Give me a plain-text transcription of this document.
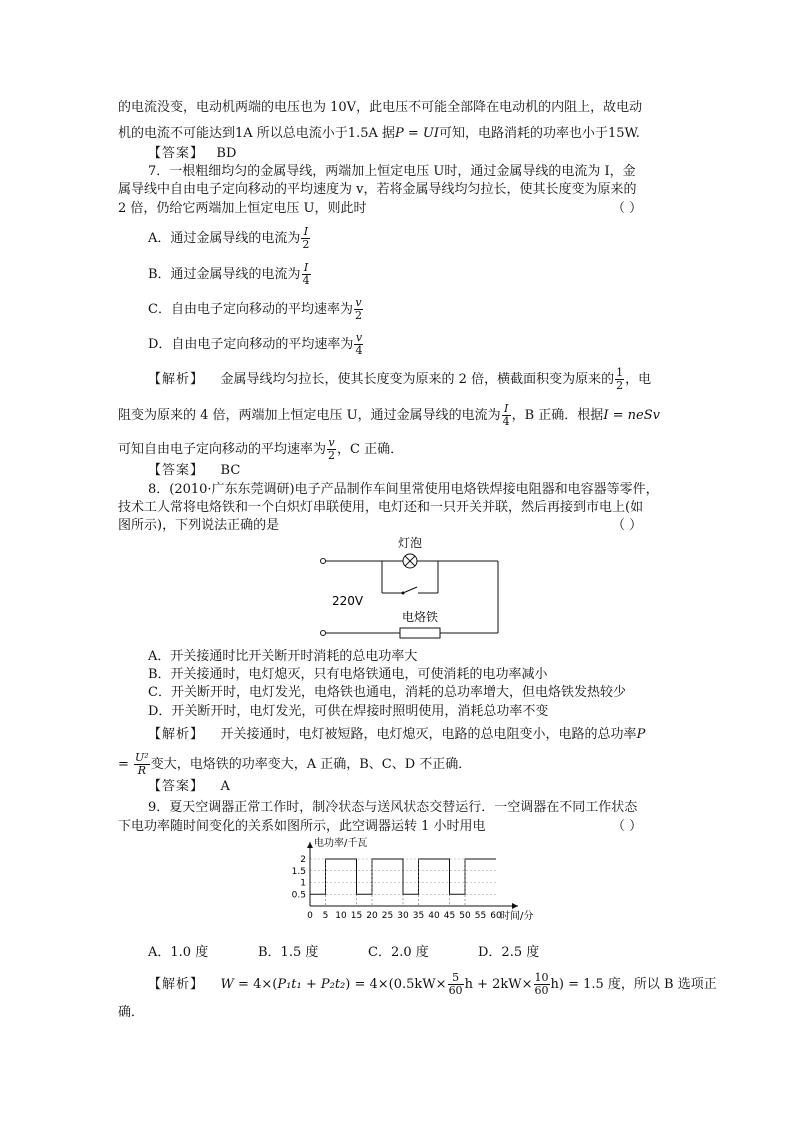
的电流没变，电动机两端的电压也为 10V，此电压不可能全部降在电动机的内阻上，故电动
机的电流不可能达到1A 所以总电流小于1.5A 据P = UI可知，电路消耗的功率也小于15W.
【答案】 BD
7．一根粗细均匀的金属导线，两端加上恒定电压 U时，通过金属导线的电流为 I，金
属导线中自由电子定向移动的平均速度为 v，若将金属导线均匀拉长，使其长度变为原来的
2 倍，仍给它两端加上恒定电压 U，则此时	（ ）
A．通过金属导线的电流为 $\frac{I}{2}$
B．通过金属导线的电流为 $\frac{I}{4}$
C．自由电子定向移动的平均速率为 $\frac{v}{2}$
D．自由电子定向移动的平均速率为 $\frac{v}{4}$
【解析】 金属导线均匀拉长，使其长度变为原来的 2 倍，横截面积变为原来的 $\frac{1}{2}$ ，电
阻变为原来的 4 倍，两端加上恒定电压 U，通过金属导线的电流为 $\frac{I}{4}$ ，B 正确．根据I = neSv
可知自由电子定向移动的平均速率为 $\frac{v}{2}$ ，C 正确．
【答案】 BC
8．(2010·广东东莞调研)电子产品制作车间里常使用电烙铁焊接电阻器和电容器等零件，
技术工人常将电烙铁和一个白炽灯串联使用，电灯还和一只开关并联，然后再接到市电上(如
图所示)，下列说法正确的是	（ ）
灯泡
电烙铁
220V
A．开关接通时比开关断开时消耗的总电功率大
B．开关接通时，电灯熄灭，只有电烙铁通电，可使消耗的电功率减小
C．开关断开时，电灯发光，电烙铁也通电，消耗的总功率增大，但电烙铁发热较少
D．开关断开时，电灯发光，可供在焊接时照明使用，消耗总功率不变
【解析】 开关接通时，电灯被短路，电灯熄灭，电路的总电阻变小，电路的总功率P
= $\frac{\text{U²}}{R}$ 变大，电烙铁的功率变大，A 正确，B、C、D 不正确．
【答案】 A
9．夏天空调器正常工作时，制冷状态与送风状态交替运行．一空调器在不同工作状态
下电功率随时间变化的关系如图所示，此空调器运转 1 小时用电	（ ）
0.5
1
1.5
2
0 5 10 15 20 25 30 35 40 45 50 55 60
电功率/千瓦
时间/分
A．1.0 度	B．1.5 度	C．2.0 度	D．2.5 度
【解析】 $W = 4\times(P_1t_1 + P_2t_2) = 4\times(0.5kW\times \frac{5}{60}$ $h + 2kW\times \frac{10}{60} h) = 1.5$ 度，所以 B 选项正
确．
